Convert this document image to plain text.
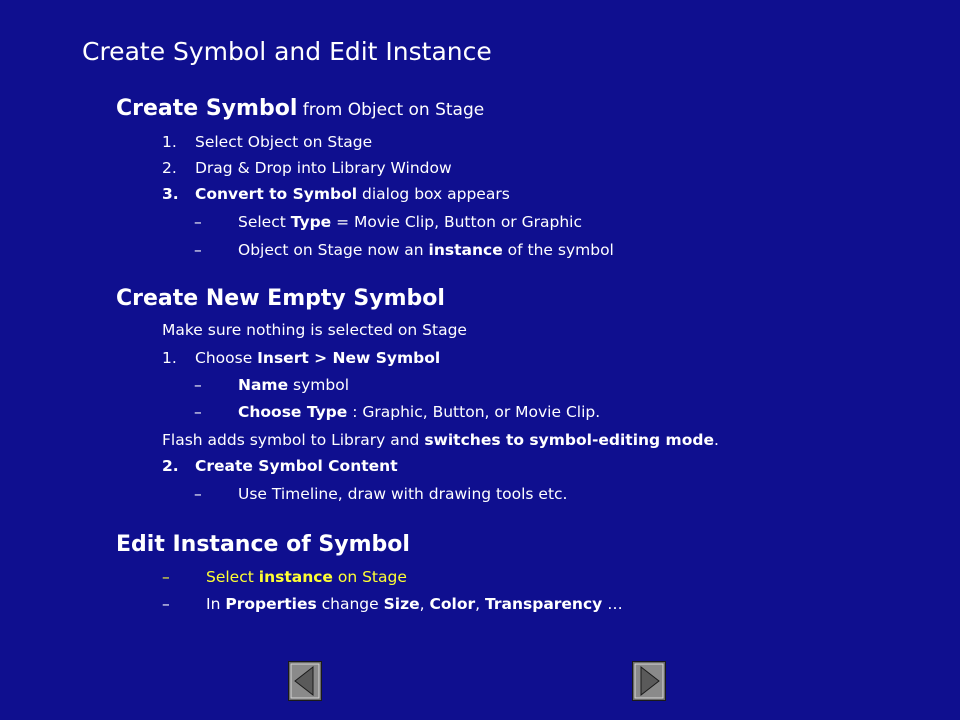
Create Symbol and Edit Instance
Create Symbol from Object on Stage
1. Select Object on Stage
2. Drag & Drop into Library Window
3. Convert to Symbol dialog box appears
– Select Type = Movie Clip, Button or Graphic
– Object on Stage now an instance of the symbol
Create New Empty Symbol
Make sure nothing is selected on Stage
1. Choose Insert > New Symbol
– Name symbol
– Choose Type : Graphic, Button, or Movie Clip.
Flash adds symbol to Library and switches to symbol-editing mode.
2. Create Symbol Content
– Use Timeline, draw with drawing tools etc.
Edit Instance of Symbol
– Select instance on Stage
– In Properties change Size, Color, Transparency …
